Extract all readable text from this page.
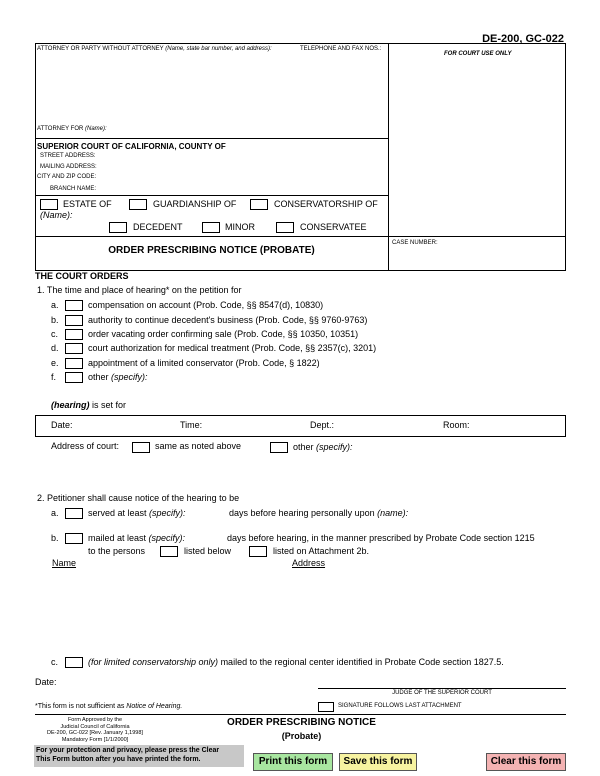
DE-200, GC-022
ATTORNEY OR PARTY WITHOUT ATTORNEY (Name, state bar number, and address):	TELEPHONE AND FAX NOS.:
FOR COURT USE ONLY
ATTORNEY FOR (Name):
SUPERIOR COURT OF CALIFORNIA, COUNTY OF
STREET ADDRESS:
MAILING ADDRESS:
CITY AND ZIP CODE:
BRANCH NAME:
ESTATE OF	GUARDIANSHIP OF	CONSERVATORSHIP OF
(Name):
DECEDENT	MINOR	CONSERVATEE
ORDER PRESCRIBING NOTICE (PROBATE)
CASE NUMBER:
THE COURT ORDERS
1. The time and place of hearing* on the petition for
a.	compensation on account (Prob. Code, §§ 8547(d), 10830)
b.	authority to continue decedent's business (Prob. Code, §§ 9760-9763)
c.	order vacating order confirming sale (Prob. Code, §§ 10350, 10351)
d.	court authorization for medical treatment (Prob. Code, §§ 2357(c), 3201)
e.	appointment of a limited conservator (Prob. Code, § 1822)
f.	other (specify):
(hearing) is set for
Date:	Time:	Dept.:	Room:
Address of court:	same as noted above	other (specify):
2. Petitioner shall cause notice of the hearing to be
a.	served at least (specify):	days before hearing personally upon (name):
b.	mailed at least (specify):	days before hearing, in the manner prescribed by Probate Code section 1215
to the persons	listed below	listed on Attachment 2b.
Name	Address
c.	(for limited conservatorship only) mailed to the regional center identified in Probate Code section 1827.5.
Date:
JUDGE OF THE SUPERIOR COURT
SIGNATURE FOLLOWS LAST ATTACHMENT
*This form is not sufficient as Notice of Hearing.
Form Approved by the
Judicial Council of California
DE-200, GC-022 [Rev. January 1,1998]
Mandatory Form [1/1/2000]
ORDER PRESCRIBING NOTICE
(Probate)
For your protection and privacy, please press the Clear
This Form button after you have printed the form.	Print this form	Save this form	Clear this form
